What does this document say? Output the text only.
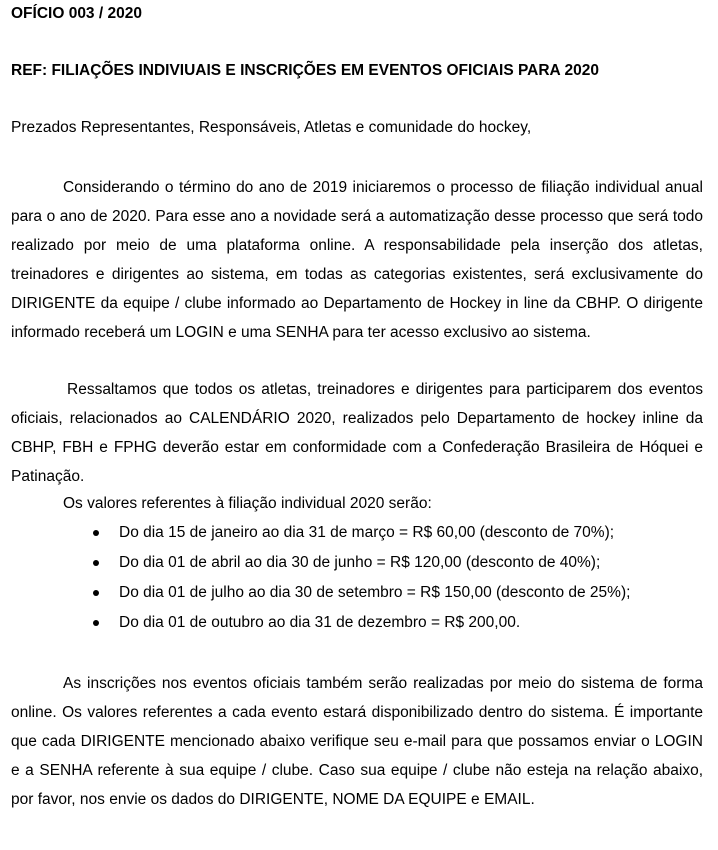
OFÍCIO 003 / 2020
REF: FILIAÇÕES INDIVIUAIS E INSCRIÇÕES EM EVENTOS OFICIAIS PARA 2020
Prezados Representantes, Responsáveis, Atletas e comunidade do hockey,

Considerando o término do ano de 2019 iniciaremos o processo de filiação individual anual para o ano de 2020. Para esse ano a novidade será a automatização desse processo que será todo realizado por meio de uma plataforma online. A responsabilidade pela inserção dos atletas, treinadores e dirigentes ao sistema, em todas as categorias existentes, será exclusivamente do DIRIGENTE da equipe / clube informado ao Departamento de Hockey in line da CBHP. O dirigente informado receberá um LOGIN e uma SENHA para ter acesso exclusivo ao sistema.

Ressaltamos que todos os atletas, treinadores e dirigentes para participarem dos eventos oficiais, relacionados ao CALENDÁRIO 2020, realizados pelo Departamento de hockey inline da CBHP, FBH e FPHG deverão estar em conformidade com a Confederação Brasileira de Hóquei e Patinação.

Os valores referentes à filiação individual 2020 serão:
Do dia 15 de janeiro ao dia 31 de março = R$ 60,00 (desconto de 70%);
Do dia 01 de abril ao dia 30 de junho = R$ 120,00 (desconto de 40%);
Do dia 01 de julho ao dia 30 de setembro = R$ 150,00 (desconto de 25%);
Do dia 01 de outubro ao dia 31 de dezembro = R$ 200,00.

As inscrições nos eventos oficiais também serão realizadas por meio do sistema de forma online. Os valores referentes a cada evento estará disponibilizado dentro do sistema. É importante que cada DIRIGENTE mencionado abaixo verifique seu e-mail para que possamos enviar o LOGIN e a SENHA referente à sua equipe / clube. Caso sua equipe / clube não esteja na relação abaixo, por favor, nos envie os dados do DIRIGENTE, NOME DA EQUIPE e EMAIL.
